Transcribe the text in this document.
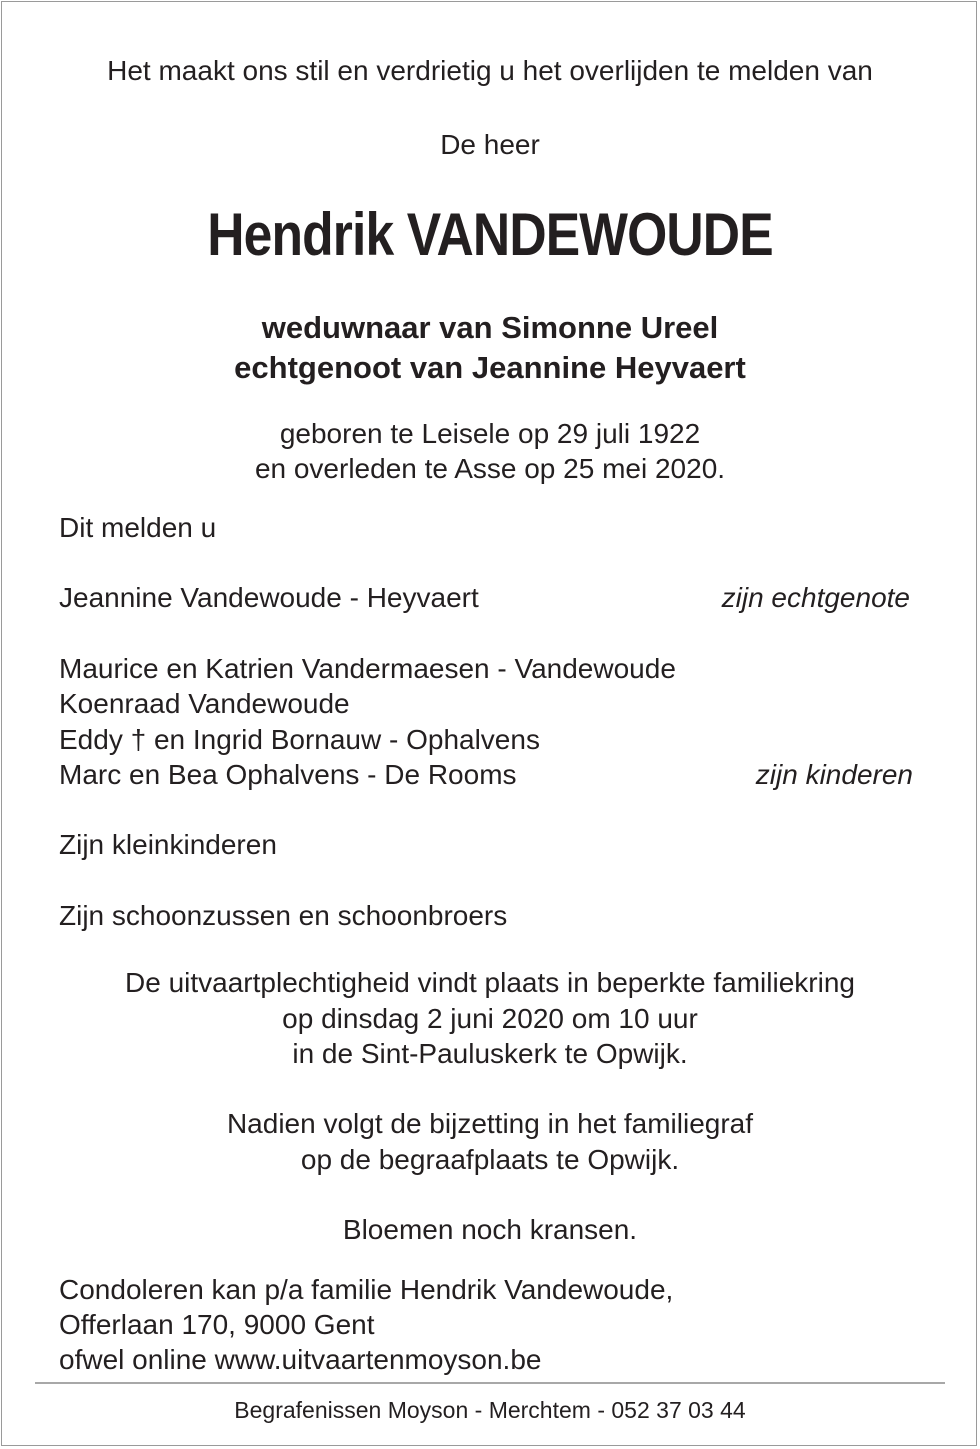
Het maakt ons stil en verdrietig u het overlijden te melden van
De heer
Hendrik VANDEWOUDE
weduwnaar van Simonne Ureel
echtgenoot van Jeannine Heyvaert
geboren te Leisele op 29 juli 1922
en overleden te Asse op 25 mei 2020.
Dit melden u
Jeannine Vandewoude - Heyvaert	zijn echtgenote
Maurice en Katrien Vandermaesen - Vandewoude
Koenraad Vandewoude
Eddy † en Ingrid Bornauw - Ophalvens
Marc en Bea Ophalvens - De Rooms	zijn kinderen
Zijn kleinkinderen
Zijn schoonzussen en schoonbroers
De uitvaartplechtigheid vindt plaats in beperkte familiekring
op dinsdag 2 juni 2020 om 10 uur
in de Sint-Pauluskerk te Opwijk.
Nadien volgt de bijzetting in het familiegraf
op de begraafplaats te Opwijk.
Bloemen noch kransen.
Condoleren kan p/a familie Hendrik Vandewoude,
Offerlaan 170, 9000 Gent
ofwel online www.uitvaartenmoyson.be
Begrafenissen Moyson - Merchtem - 052 37 03 44
